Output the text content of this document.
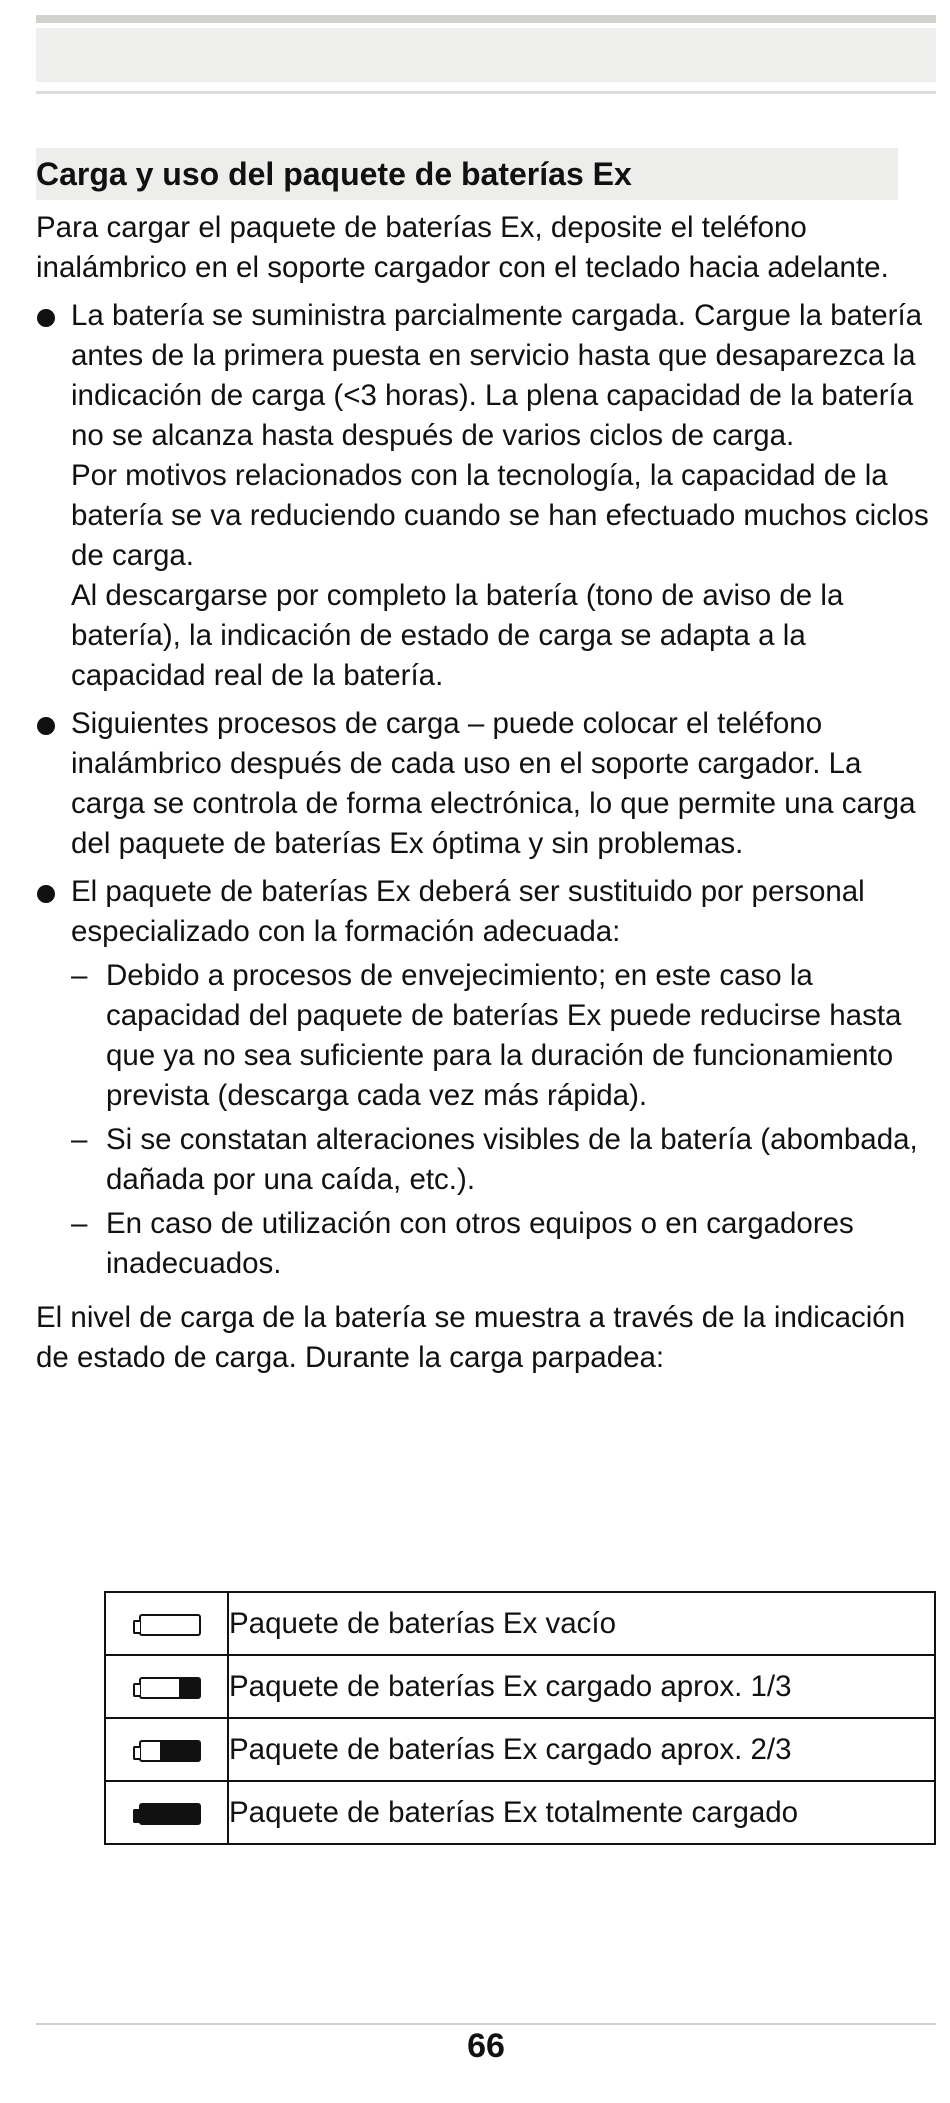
Carga y uso del paquete de baterías Ex

Para cargar el paquete de baterías Ex, deposite el teléfono inalámbrico en el soporte cargador con el teclado hacia adelante.

La batería se suministra parcialmente cargada. Cargue la batería antes de la primera puesta en servicio hasta que desaparezca la indicación de carga (<3 horas). La plena capacidad de la batería no se alcanza hasta después de varios ciclos de carga.
Por motivos relacionados con la tecnología, la capacidad de la batería se va reduciendo cuando se han efectuado muchos ciclos de carga.
Al descargarse por completo la batería (tono de aviso de la batería), la indicación de estado de carga se adapta a la capacidad real de la batería.
Siguientes procesos de carga – puede colocar el teléfono inalámbrico después de cada uso en el soporte cargador. La carga se controla de forma electrónica, lo que permite una carga del paquete de baterías Ex óptima y sin problemas.
El paquete de baterías Ex deberá ser sustituido por personal especializado con la formación adecuada:
– Debido a procesos de envejecimiento; en este caso la capacidad del paquete de baterías Ex puede reducirse hasta que ya no sea suficiente para la duración de funcionamiento prevista (descarga cada vez más rápida).
– Si se constatan alteraciones visibles de la batería (abombada, dañada por una caída, etc.).
– En caso de utilización con otros equipos o en cargadores inadecuados.

El nivel de carga de la batería se muestra a través de la indicación de estado de carga. Durante la carga parpadea:

	Paquete de baterías Ex vacío

	Paquete de baterías Ex cargado aprox. 1/3

	Paquete de baterías Ex cargado aprox. 2/3

	Paquete de baterías Ex totalmente cargado
66
